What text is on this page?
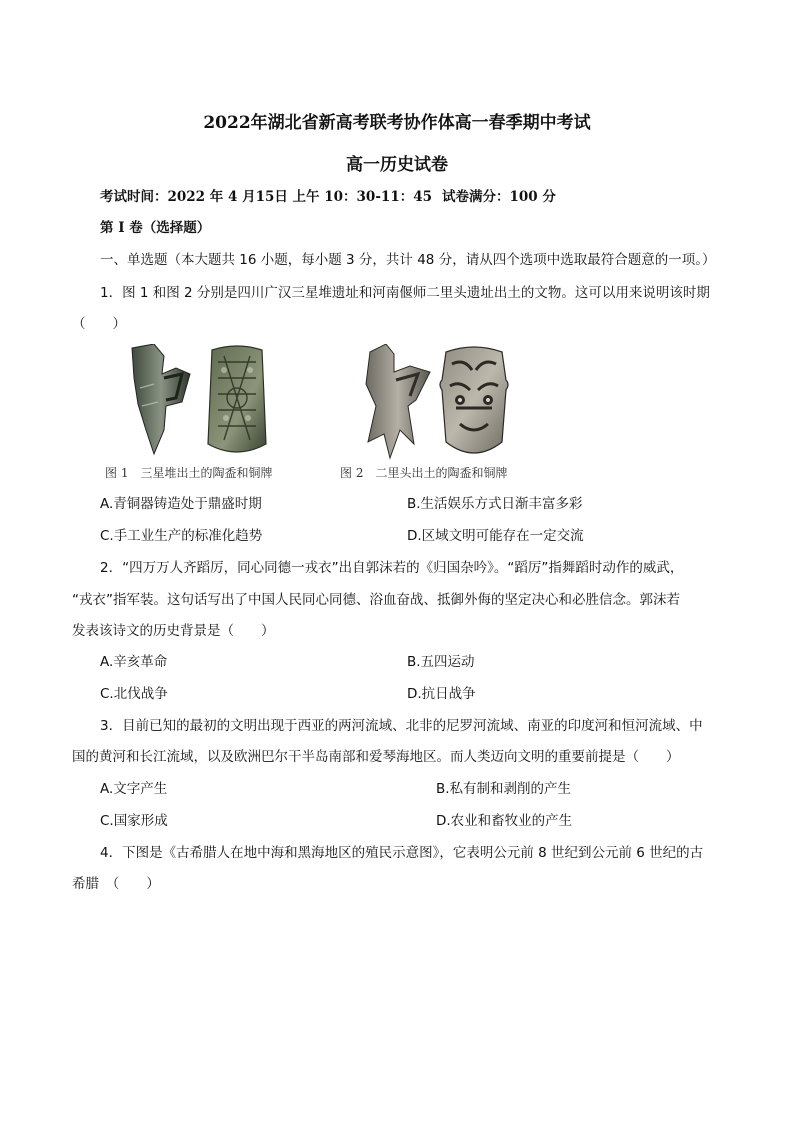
2022年湖北省新高考联考协作体高一春季期中考试
高一历史试卷
考试时间：2022 年 4 月15日 上午 10：30-11：45 试卷满分：100 分
第 I 卷（选择题）
一、单选题（本大题共 16 小题，每小题 3 分，共计 48 分，请从四个选项中选取最符合题意的一项。）
1．图 1 和图 2 分别是四川广汉三星堆遗址和河南偃师二里头遗址出土的文物。这可以用来说明该时期
（　　）
图 1　三星堆出土的陶盉和铜牌	图 2　二里头出土的陶盉和铜牌
A.青铜器铸造处于鼎盛时期	B.生活娱乐方式日渐丰富多彩
C.手工业生产的标准化趋势	D.区域文明可能存在一定交流
2．“四万万人齐蹈厉，同心同德一戎衣”出自郭沫若的《归国杂吟》。“蹈厉”指舞蹈时动作的威武，
“戎衣”指军装。这句话写出了中国人民同心同德、浴血奋战、抵御外侮的坚定决心和必胜信念。郭沫若
发表该诗文的历史背景是（　　）
A.辛亥革命	B.五四运动
C.北伐战争	D.抗日战争
3．目前已知的最初的文明出现于西亚的两河流域、北非的尼罗河流域、南亚的印度河和恒河流域、中
国的黄河和长江流域，以及欧洲巴尔干半岛南部和爱琴海地区。而人类迈向文明的重要前提是（　　）
A.文字产生	B.私有制和剥削的产生
C.国家形成	D.农业和畜牧业的产生
4．下图是《古希腊人在地中海和黑海地区的殖民示意图》，它表明公元前 8 世纪到公元前 6 世纪的古
希腊　（　　）
